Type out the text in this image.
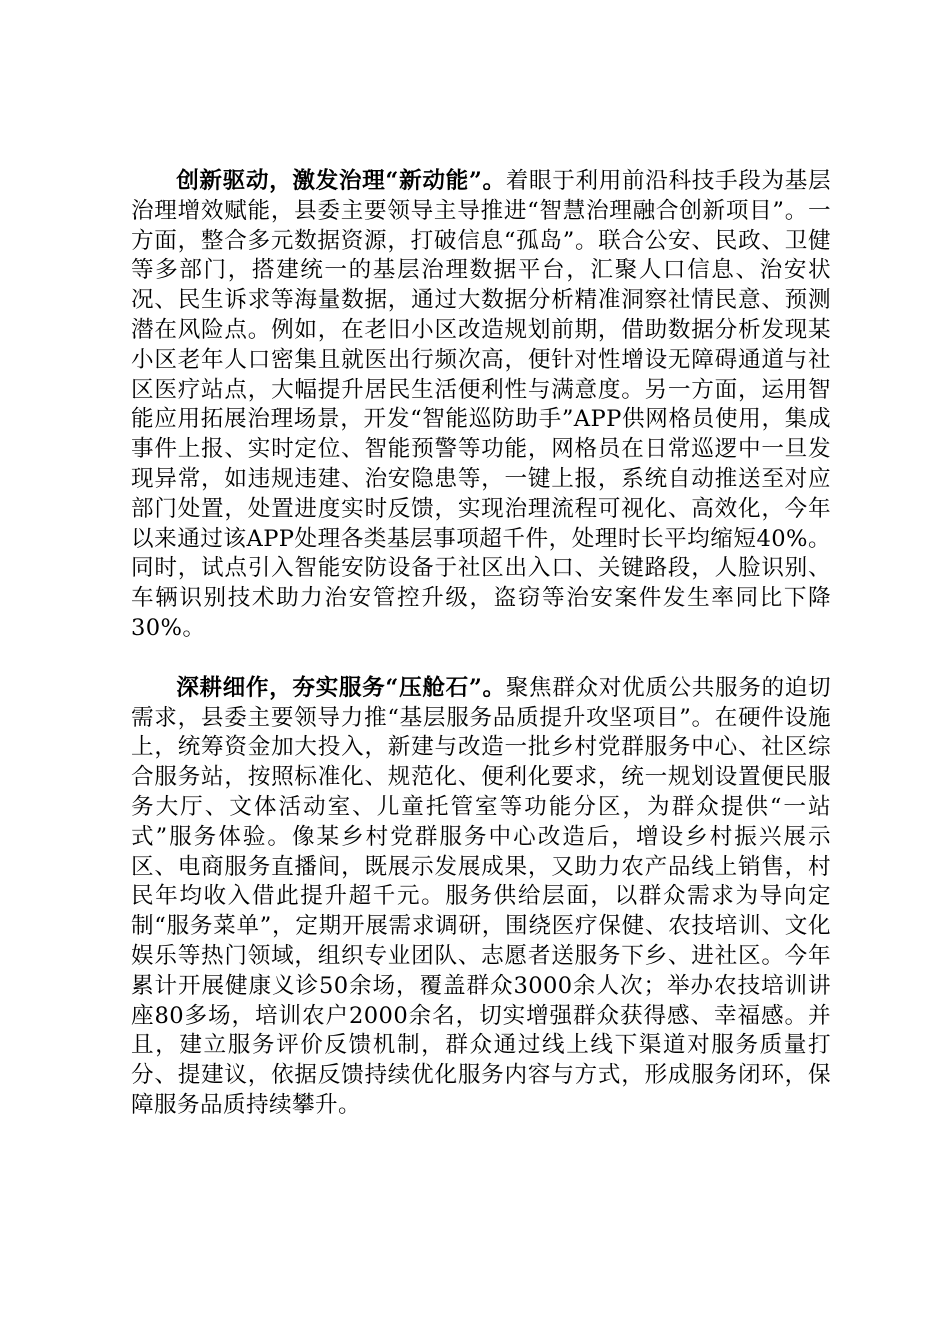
创新驱动，激发治理“新动能”。着眼于利用前沿科技手段为基层治理增效赋能，县委主要领导主导推进“智慧治理融合创新项目”。一方面，整合多元数据资源，打破信息“孤岛”。联合公安、民政、卫健等多部门，搭建统一的基层治理数据平台，汇聚人口信息、治安状况、民生诉求等海量数据，通过大数据分析精准洞察社情民意、预测潜在风险点。例如，在老旧小区改造规划前期，借助数据分析发现某小区老年人口密集且就医出行频次高，便针对性增设无障碍通道与社区医疗站点，大幅提升居民生活便利性与满意度。另一方面，运用智能应用拓展治理场景，开发“智能巡防助手”APP供网格员使用，集成事件上报、实时定位、智能预警等功能，网格员在日常巡逻中一旦发现异常，如违规违建、治安隐患等，一键上报，系统自动推送至对应部门处置，处置进度实时反馈，实现治理流程可视化、高效化，今年以来通过该APP处理各类基层事项超千件，处理时长平均缩短40%。同时，试点引入智能安防设备于社区出入口、关键路段，人脸识别、车辆识别技术助力治安管控升级，盗窃等治安案件发生率同比下降30%。

深耕细作，夯实服务“压舱石”。聚焦群众对优质公共服务的迫切需求，县委主要领导力推“基层服务品质提升攻坚项目”。在硬件设施上，统筹资金加大投入，新建与改造一批乡村党群服务中心、社区综合服务站，按照标准化、规范化、便利化要求，统一规划设置便民服务大厅、文体活动室、儿童托管室等功能分区，为群众提供“一站式”服务体验。像某乡村党群服务中心改造后，增设乡村振兴展示区、电商服务直播间，既展示发展成果，又助力农产品线上销售，村民年均收入借此提升超千元。服务供给层面，以群众需求为导向定制“服务菜单”，定期开展需求调研，围绕医疗保健、农技培训、文化娱乐等热门领域，组织专业团队、志愿者送服务下乡、进社区。今年累计开展健康义诊50余场，覆盖群众3000余人次；举办农技培训讲座80多场，培训农户2000余名，切实增强群众获得感、幸福感。并且，建立服务评价反馈机制，群众通过线上线下渠道对服务质量打分、提建议，依据反馈持续优化服务内容与方式，形成服务闭环，保障服务品质持续攀升。
